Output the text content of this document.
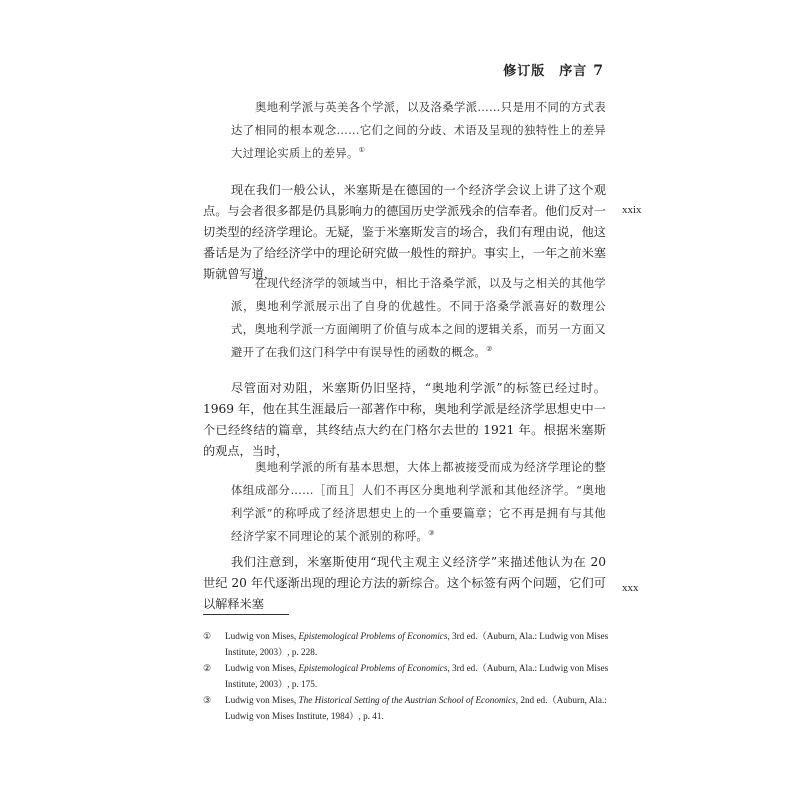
修订版　序言 7

奥地利学派与英美各个学派，以及洛桑学派……只是用不同的方式表达了相同的根本观念……它们之间的分歧、术语及呈现的独特性上的差异大过理论实质上的差异。①

现在我们一般公认，米塞斯是在德国的一个经济学会议上讲了这个观点。与会者很多都是仍具影响力的德国历史学派残余的信奉者。他们反对一切类型的经济学理论。无疑，鉴于米塞斯发言的场合，我们有理由说，他这番话是为了给经济学中的理论研究做一般性的辩护。事实上，一年之前米塞斯就曾写道，

xxix

在现代经济学的领域当中，相比于洛桑学派，以及与之相关的其他学派，奥地利学派展示出了自身的优越性。不同于洛桑学派喜好的数理公式，奥地利学派一方面阐明了价值与成本之间的逻辑关系，而另一方面又避开了在我们这门科学中有误导性的函数的概念。②

尽管面对劝阻，米塞斯仍旧坚持，“奥地利学派”的标签已经过时。1969 年，他在其生涯最后一部著作中称，奥地利学派是经济学思想史中一个已经终结的篇章，其终结点大约在门格尔去世的 1921 年。根据米塞斯的观点，当时，

奥地利学派的所有基本思想，大体上都被接受而成为经济学理论的整体组成部分……［而且］人们不再区分奥地利学派和其他经济学。“奥地利学派”的称呼成了经济思想史上的一个重要篇章；它不再是拥有与其他经济学家不同理论的某个派别的称呼。③

我们注意到，米塞斯使用“现代主观主义经济学”来描述他认为在 20 世纪 20 年代逐渐出现的理论方法的新综合。这个标签有两个问题，它们可以解释米塞

xxx
①	Ludwig von Mises, Epistemological Problems of Economics, 3rd ed.（Auburn, Ala.: Ludwig von Mises Institute, 2003）, p. 228.
②	Ludwig von Mises, Epistemological Problems of Economics, 3rd ed.（Auburn, Ala.: Ludwig von Mises Institute, 2003）, p. 175.
③	Ludwig von Mises, The Historical Setting of the Austrian School of Economics, 2nd ed.（Auburn, Ala.: Ludwig von Mises Institute, 1984）, p. 41.
